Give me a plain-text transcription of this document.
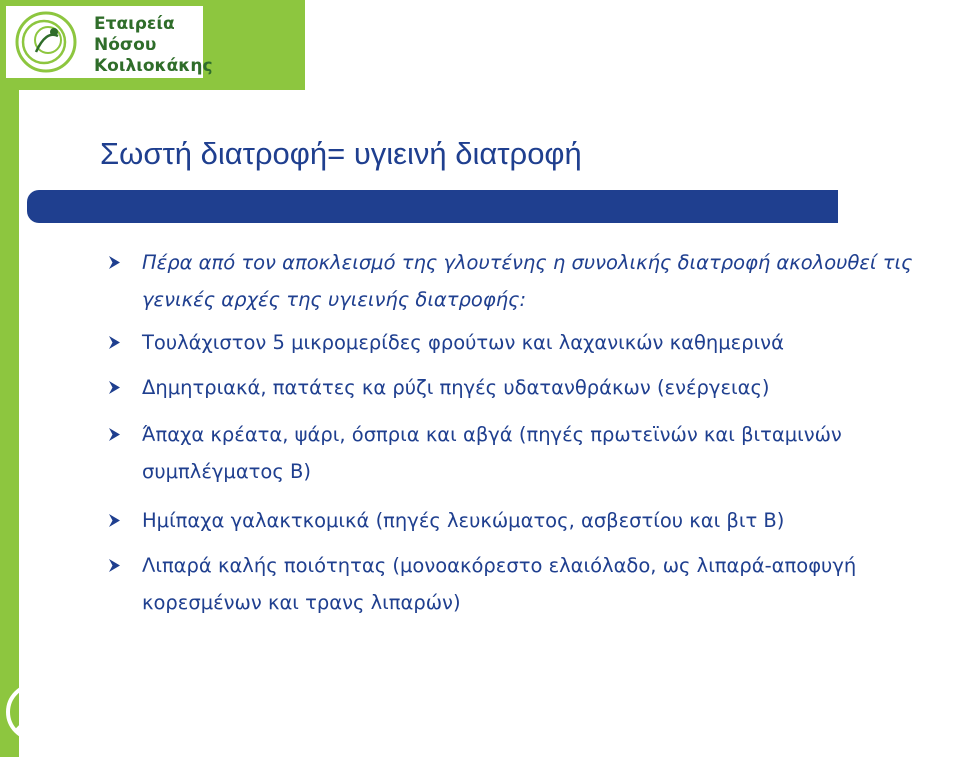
Εταιρεία
Νόσου
Κοιλιοκάκης
Σωστή διατροφή= υγιεινή διατροφή
Πέρα από τον αποκλεισμό της γλουτένης η συνολικής διατροφή ακολουθεί τις γενικές αρχές της υγιεινής διατροφής:
Τουλάχιστον 5 μικρομερίδες φρούτων και λαχανικών καθημερινά
Δημητριακά, πατάτες κα ρύζι πηγές υδατανθράκων (ενέργειας)
Άπαχα κρέατα, ψάρι, όσπρια και αβγά (πηγές πρωτεϊνών και βιταμινών συμπλέγματος Β)
Ημίπαχα γαλακτκομικά (πηγές λευκώματος, ασβεστίου και βιτ Β)
Λιπαρά καλής ποιότητας (μονοακόρεστο ελαιόλαδο, ως λιπαρά-αποφυγή κορεσμένων και τρανς λιπαρών)
